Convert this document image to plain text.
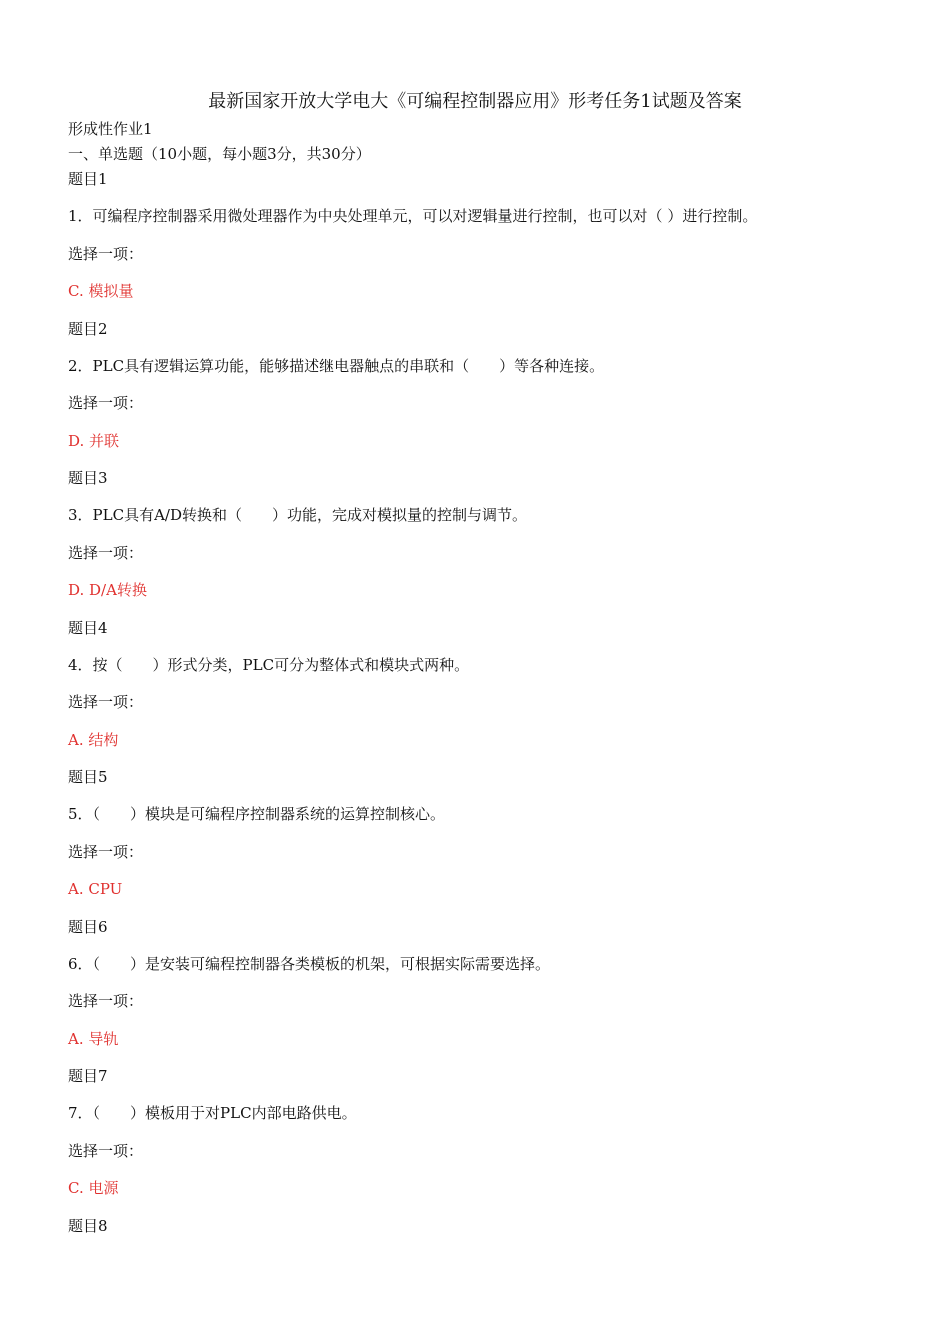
最新国家开放大学电大《可编程控制器应用》形考任务1试题及答案
形成性作业1
一、单选题（10小题，每小题3分，共30分）
题目1
1．可编程序控制器采用微处理器作为中央处理单元，可以对逻辑量进行控制，也可以对（ ）进行控制。
选择一项：
C. 模拟量
题目2
2．PLC具有逻辑运算功能，能够描述继电器触点的串联和（　　）等各种连接。
选择一项：
D. 并联
题目3
3．PLC具有A/D转换和（　　）功能，完成对模拟量的控制与调节。
选择一项：
D. D/A转换
题目4
4．按（　　）形式分类，PLC可分为整体式和模块式两种。
选择一项：
A. 结构
题目5
5．（　　）模块是可编程序控制器系统的运算控制核心。
选择一项：
A. CPU
题目6
6．（　　）是安装可编程控制器各类模板的机架，可根据实际需要选择。
选择一项：
A. 导轨
题目7
7．（　　）模板用于对PLC内部电路供电。
选择一项：
C. 电源
题目8
